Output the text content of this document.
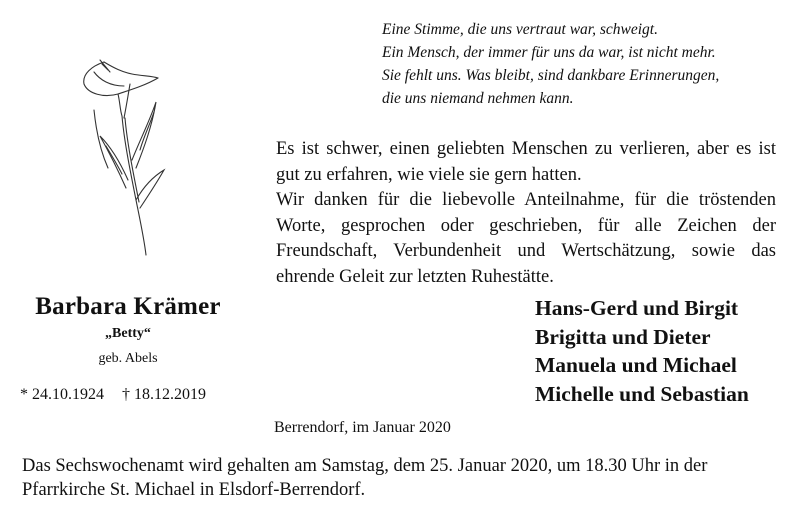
Eine Stimme, die uns vertraut war, schweigt.
Ein Mensch, der immer für uns da war, ist nicht mehr.
Sie fehlt uns. Was bleibt, sind dankbare Erinnerungen,
die uns niemand nehmen kann.

Es ist schwer, einen geliebten Menschen zu verlieren, aber es ist gut zu erfahren, wie viele sie gern hatten.

Wir danken für die liebevolle Anteilnahme, für die tröstenden Worte, gesprochen oder geschrieben, für alle Zeichen der Freundschaft, Verbundenheit und Wertschätzung, sowie das ehrende Geleit zur letzten Ruhestätte.

Barbara Krämer
„Betty“
geb. Abels
* 24.10.1924 † 18.12.2019
Hans-Gerd und Birgit
Brigitta und Dieter
Manuela und Michael
Michelle und Sebastian
Berrendorf, im Januar 2020
Das Sechswochenamt wird gehalten am Samstag, dem 25. Januar 2020, um 18.30 Uhr in der Pfarrkirche St. Michael in Elsdorf-Berrendorf.
